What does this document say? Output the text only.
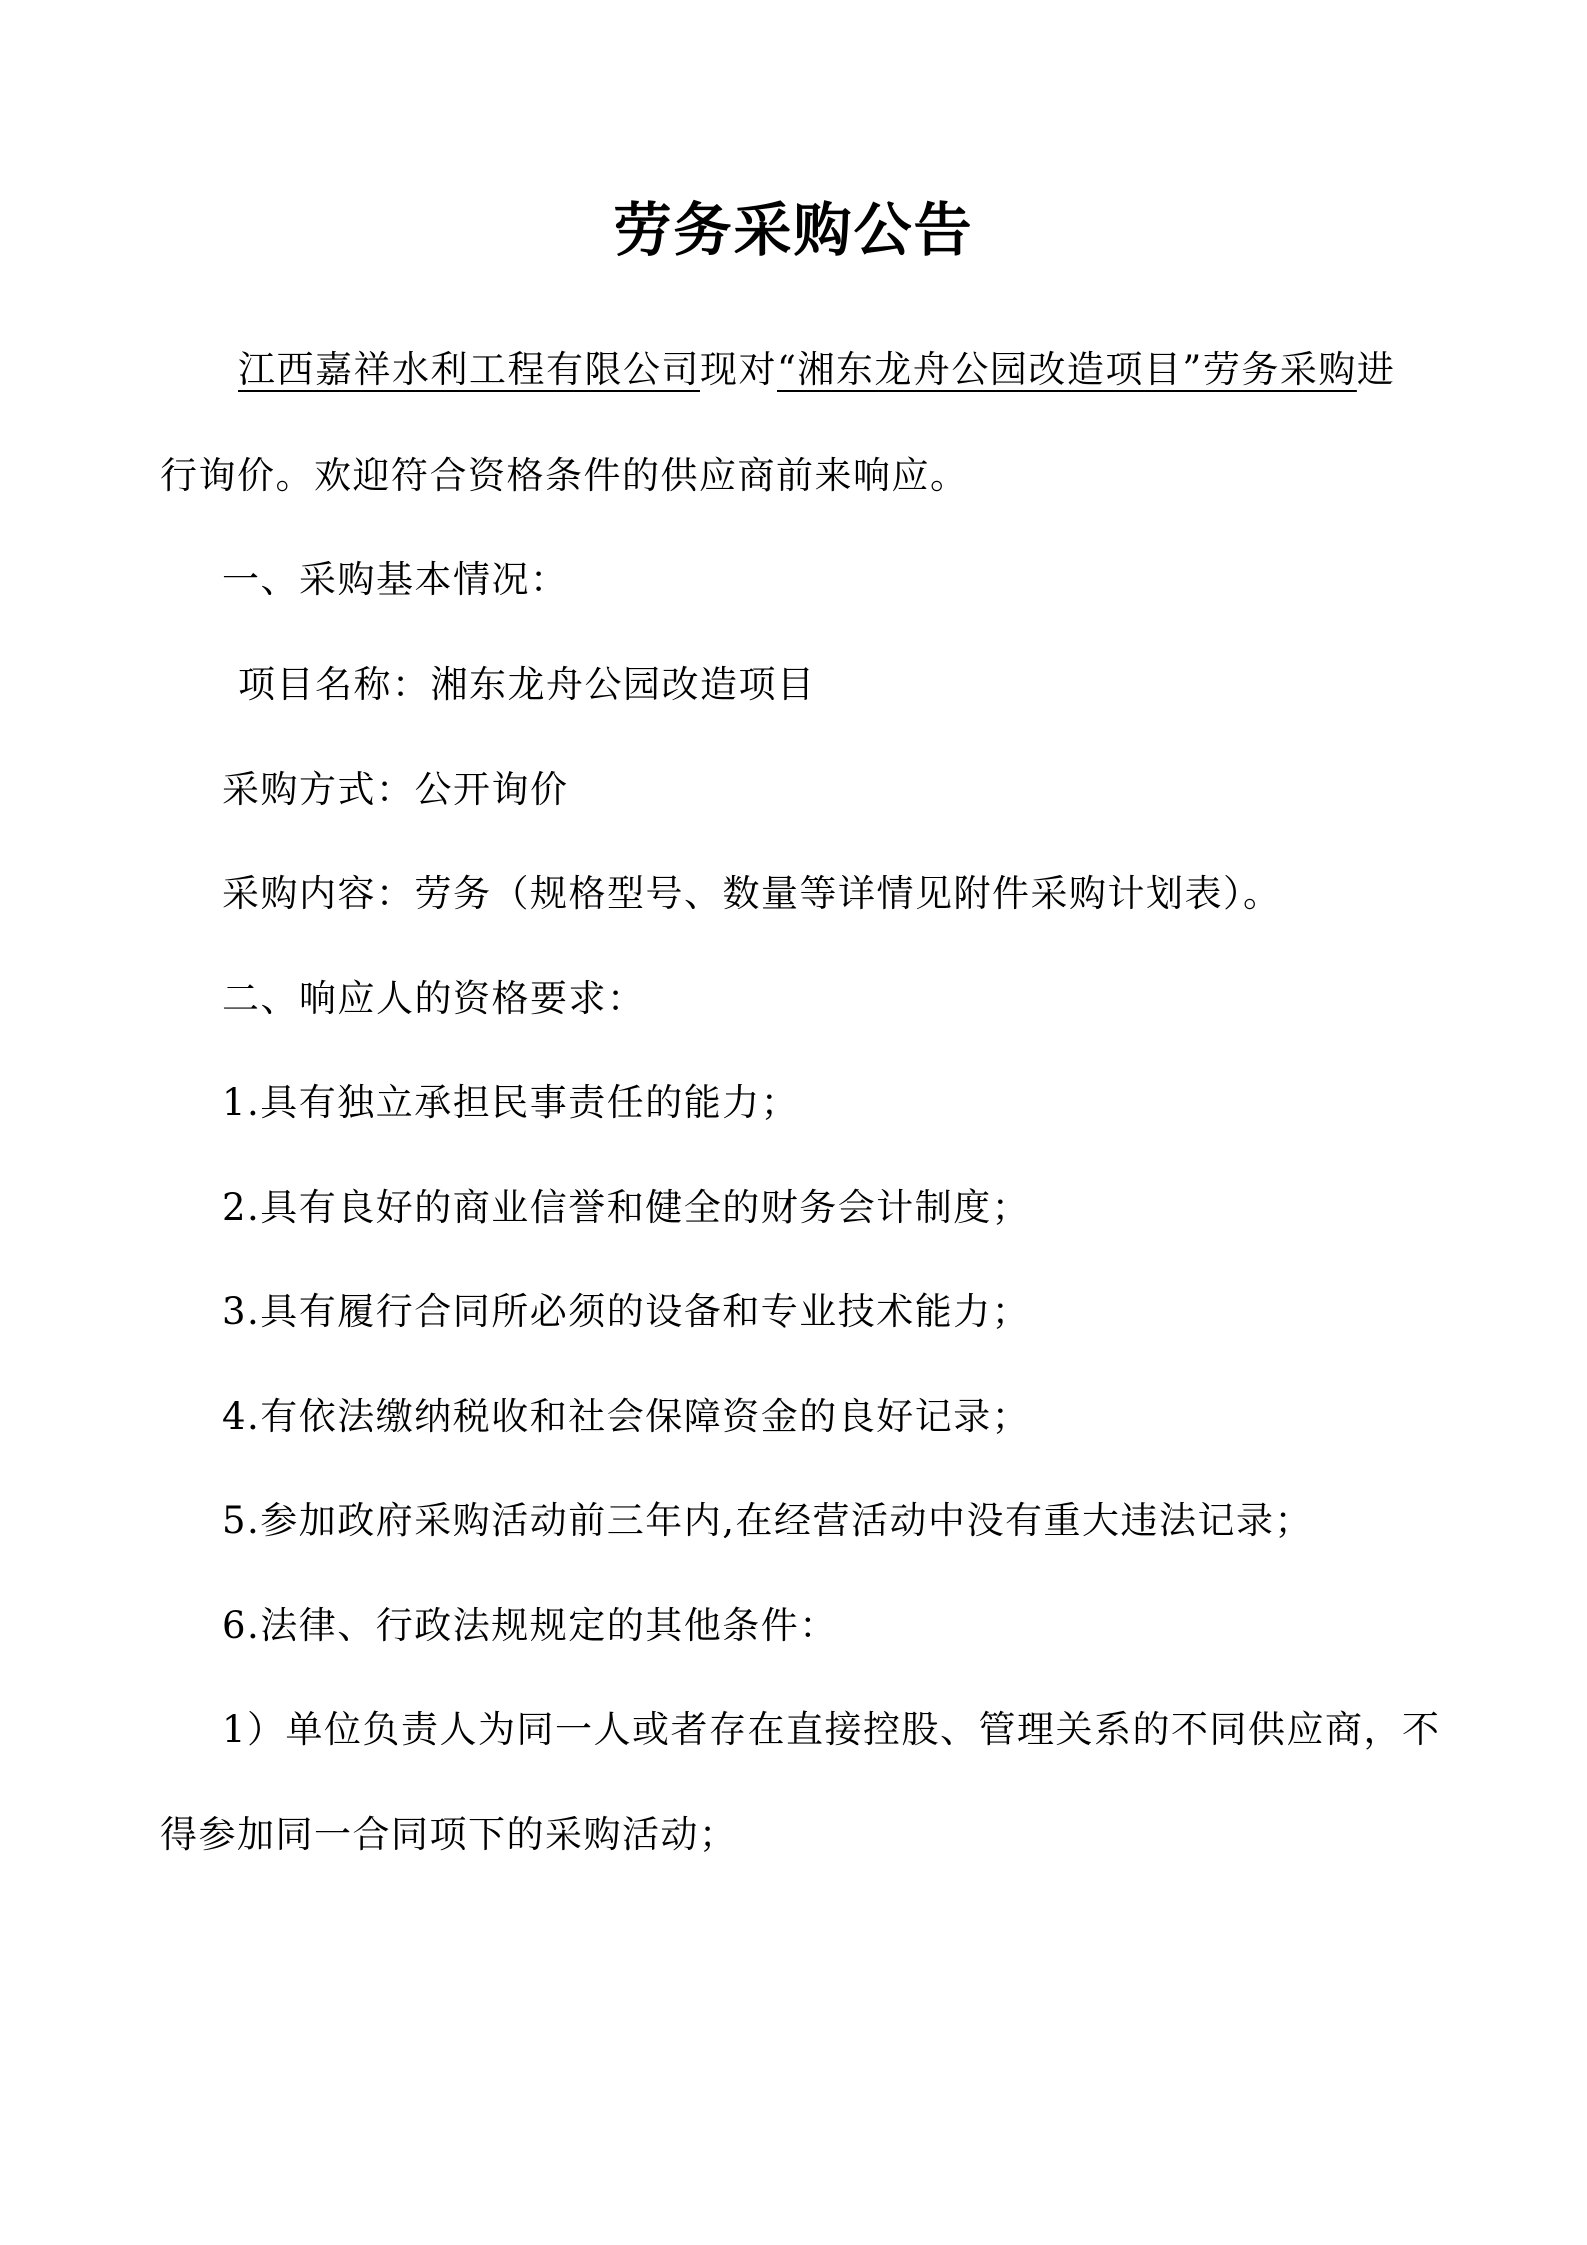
劳务采购公告
江西嘉祥水利工程有限公司现对“湘东龙舟公园改造项目”劳务采购进
行询价。欢迎符合资格条件的供应商前来响应。
一、采购基本情况：
项目名称：湘东龙舟公园改造项目
采购方式：公开询价
采购内容：劳务（规格型号、数量等详情见附件采购计划表）。
二、响应人的资格要求：
1.具有独立承担民事责任的能力；
2.具有良好的商业信誉和健全的财务会计制度；
3.具有履行合同所必须的设备和专业技术能力；
4.有依法缴纳税收和社会保障资金的良好记录；
5.参加政府采购活动前三年内,在经营活动中没有重大违法记录；
6.法律、行政法规规定的其他条件：
1）单位负责人为同一人或者存在直接控股、管理关系的不同供应商，不
得参加同一合同项下的采购活动；
